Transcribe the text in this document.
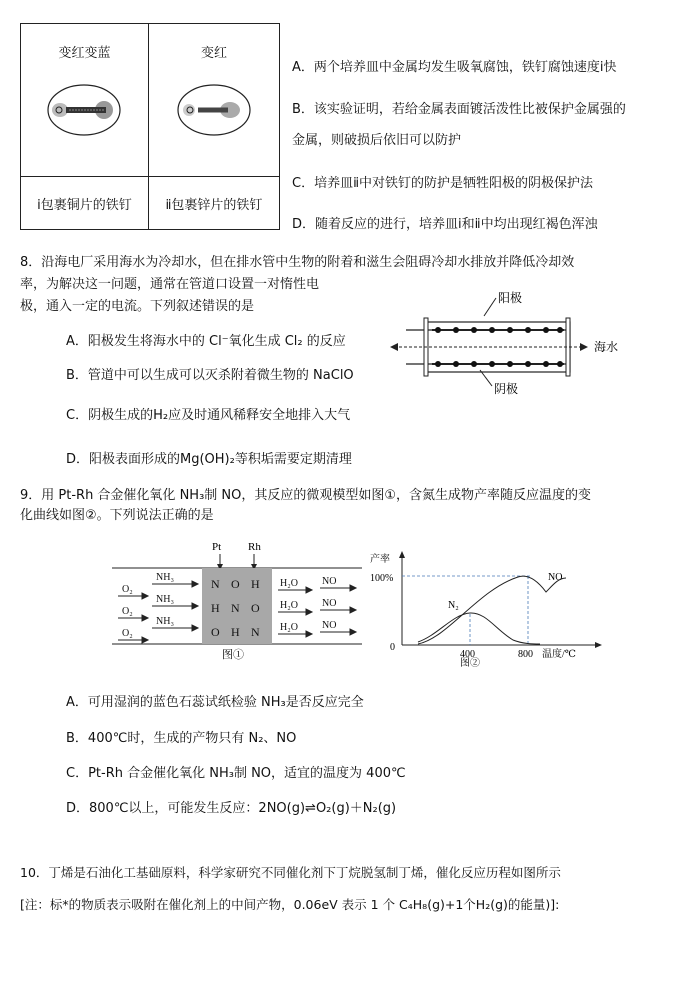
变红变蓝	变红

ⅰ包裹铜片的铁钉	ⅱ包裹锌片的铁钉
A．两个培养皿中金属均发生吸氧腐蚀，铁钉腐蚀速度ⅰ快
B．该实验证明，若给金属表面镀活泼性比被保护金属强的
金属，则破损后依旧可以防护
C．培养皿ⅱ中对铁钉的防护是牺牲阳极的阴极保护法
D．随着反应的进行，培养皿ⅰ和ⅱ中均出现红褐色浑浊
8．沿海电厂采用海水为冷却水，但在排水管中生物的附着和滋生会阻碍冷却水排放并降低冷却效
率，为解决这一问题，通常在管道口设置一对惰性电
极，通入一定的电流。下列叙述错误的是
A．阳极发生将海水中的 Cl⁻氧化生成 Cl₂ 的反应
B．管道中可以生成可以灭杀附着微生物的 NaClO
C．阴极生成的H₂应及时通风稀释安全地排入大气
D．阳极表面形成的Mg(OH)₂等积垢需要定期清理
阳极
海水
阴极
9．用 Pt-Rh 合金催化氧化 NH₃制 NO，其反应的微观模型如图①，含氮生成物产率随反应温度的变
化曲线如图②。下列说法正确的是
Pt Rh
N O H
H N O
O H N
NH₃
O₂
NH₃
O₂
NH₃
O₂
H₂O NO
H₂O NO
H₂O NO
图①
产率
100%
0
N₂
NO
400	800 温度/℃
图②
A．可用湿润的蓝色石蕊试纸检验 NH₃是否反应完全
B．400℃时，生成的产物只有 N₂、NO
C．Pt-Rh 合金催化氧化 NH₃制 NO，适宜的温度为 400℃
D．800℃以上，可能发生反应：2NO(g)⇌O₂(g)＋N₂(g)
10．丁烯是石油化工基础原料，科学家研究不同催化剂下丁烷脱氢制丁烯，催化反应历程如图所示
[注：标*的物质表示吸附在催化剂上的中间产物，0.06eV 表示 1 个 C₄H₈(g)+1个H₂(g)的能量)]:
